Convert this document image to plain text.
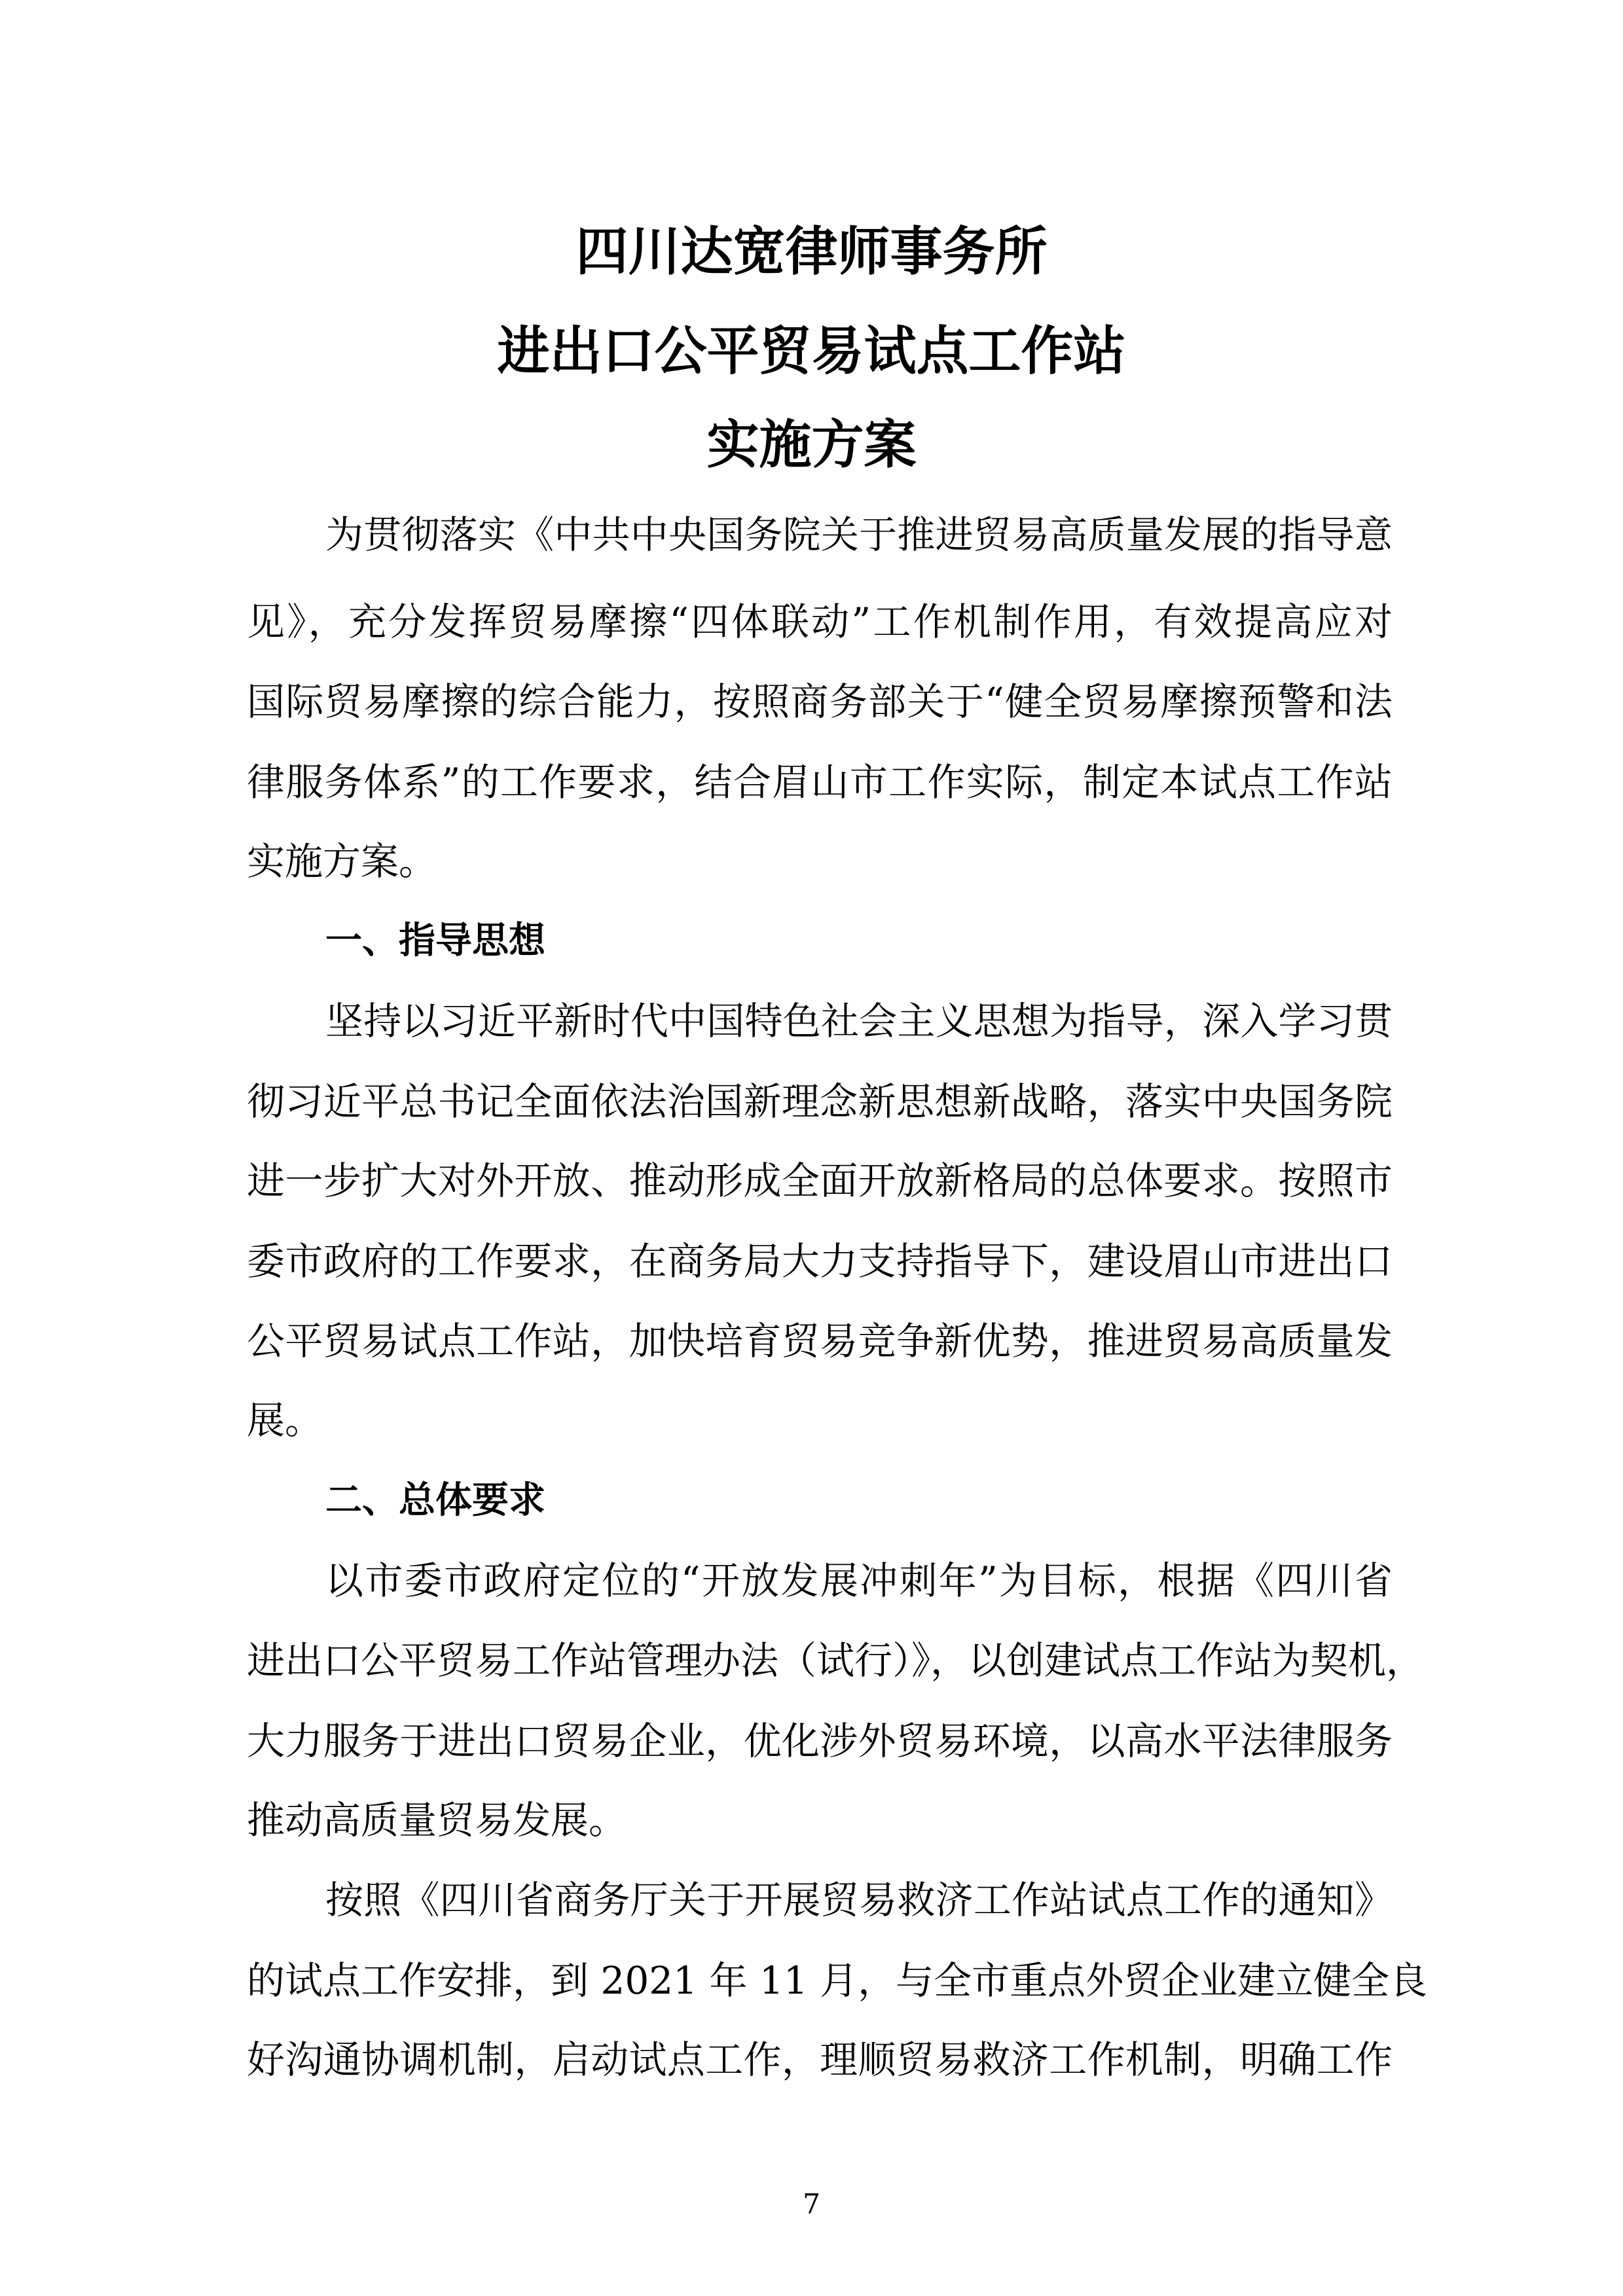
四川达宽律师事务所
进出口公平贸易试点工作站
实施方案
为贯彻落实《中共中央国务院关于推进贸易高质量发展的指导意
见》，充分发挥贸易摩擦“四体联动”工作机制作用，有效提高应对
国际贸易摩擦的综合能力，按照商务部关于“健全贸易摩擦预警和法
律服务体系”的工作要求，结合眉山市工作实际，制定本试点工作站
实施方案。
一、指导思想
坚持以习近平新时代中国特色社会主义思想为指导，深入学习贯
彻习近平总书记全面依法治国新理念新思想新战略，落实中央国务院
进一步扩大对外开放、推动形成全面开放新格局的总体要求。按照市
委市政府的工作要求，在商务局大力支持指导下，建设眉山市进出口
公平贸易试点工作站，加快培育贸易竞争新优势，推进贸易高质量发
展。
二、总体要求
以市委市政府定位的“开放发展冲刺年”为目标，根据《四川省
进出口公平贸易工作站管理办法（试行）》，以创建试点工作站为契机，
大力服务于进出口贸易企业，优化涉外贸易环境，以高水平法律服务
推动高质量贸易发展。
按照《四川省商务厅关于开展贸易救济工作站试点工作的通知》
的试点工作安排，到 2021 年 11 月，与全市重点外贸企业建立健全良
好沟通协调机制，启动试点工作，理顺贸易救济工作机制，明确工作
7
